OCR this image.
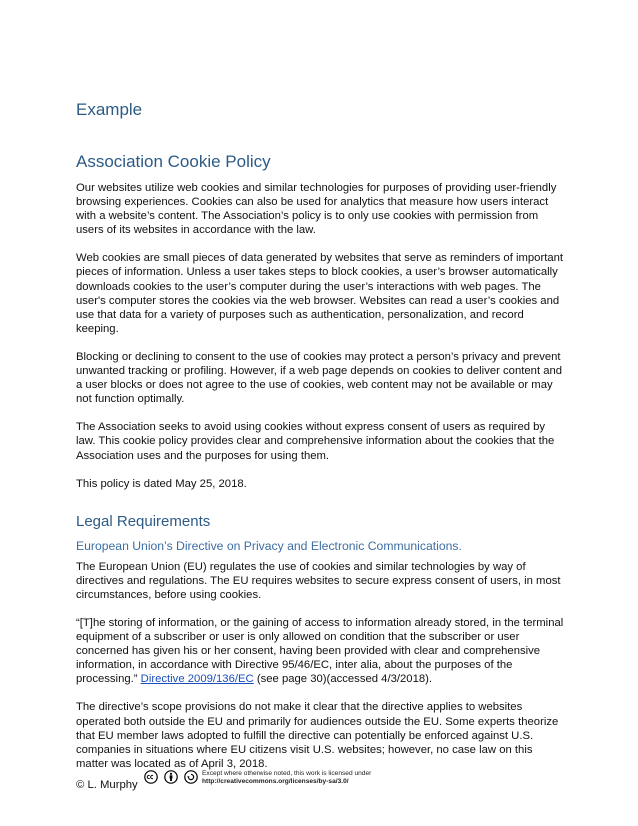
Example
Association Cookie Policy

Our websites utilize web cookies and similar technologies for purposes of providing user-friendly browsing experiences. Cookies can also be used for analytics that measure how users interact with a website’s content. The Association’s policy is to only use cookies with permission from users of its websites in accordance with the law.

Web cookies are small pieces of data generated by websites that serve as reminders of important pieces of information. Unless a user takes steps to block cookies, a user’s browser automatically downloads cookies to the user’s computer during the user’s interactions with web pages. The user's computer stores the cookies via the web browser. Websites can read a user’s cookies and use that data for a variety of purposes such as authentication, personalization, and record keeping.

Blocking or declining to consent to the use of cookies may protect a person’s privacy and prevent unwanted tracking or profiling. However, if a web page depends on cookies to deliver content and a user blocks or does not agree to the use of cookies, web content may not be available or may not function optimally.

The Association seeks to avoid using cookies without express consent of users as required by law. This cookie policy provides clear and comprehensive information about the cookies that the Association uses and the purposes for using them.

This policy is dated May 25, 2018.

Legal Requirements
European Union’s Directive on Privacy and Electronic Communications.

The European Union (EU) regulates the use of cookies and similar technologies by way of directives and regulations. The EU requires websites to secure express consent of users, in most circumstances, before using cookies.

“[T]he storing of information, or the gaining of access to information already stored, in the terminal equipment of a subscriber or user is only allowed on condition that the subscriber or user concerned has given his or her consent, having been provided with clear and comprehensive information, in accordance with Directive 95/46/EC, inter alia, about the purposes of the processing.” Directive 2009/136/EC (see page 30)(accessed 4/3/2018).

The directive’s scope provisions do not make it clear that the directive applies to websites operated both outside the EU and primarily for audiences outside the EU. Some experts theorize that EU member laws adopted to fulfill the directive can potentially be enforced against U.S. companies in situations where EU citizens visit U.S. websites; however, no case law on this matter was located as of April 3, 2018.

© L. Murphy

Except where otherwise noted, this work is licensed under
http://creativecommons.org/licenses/by-sa/3.0/
